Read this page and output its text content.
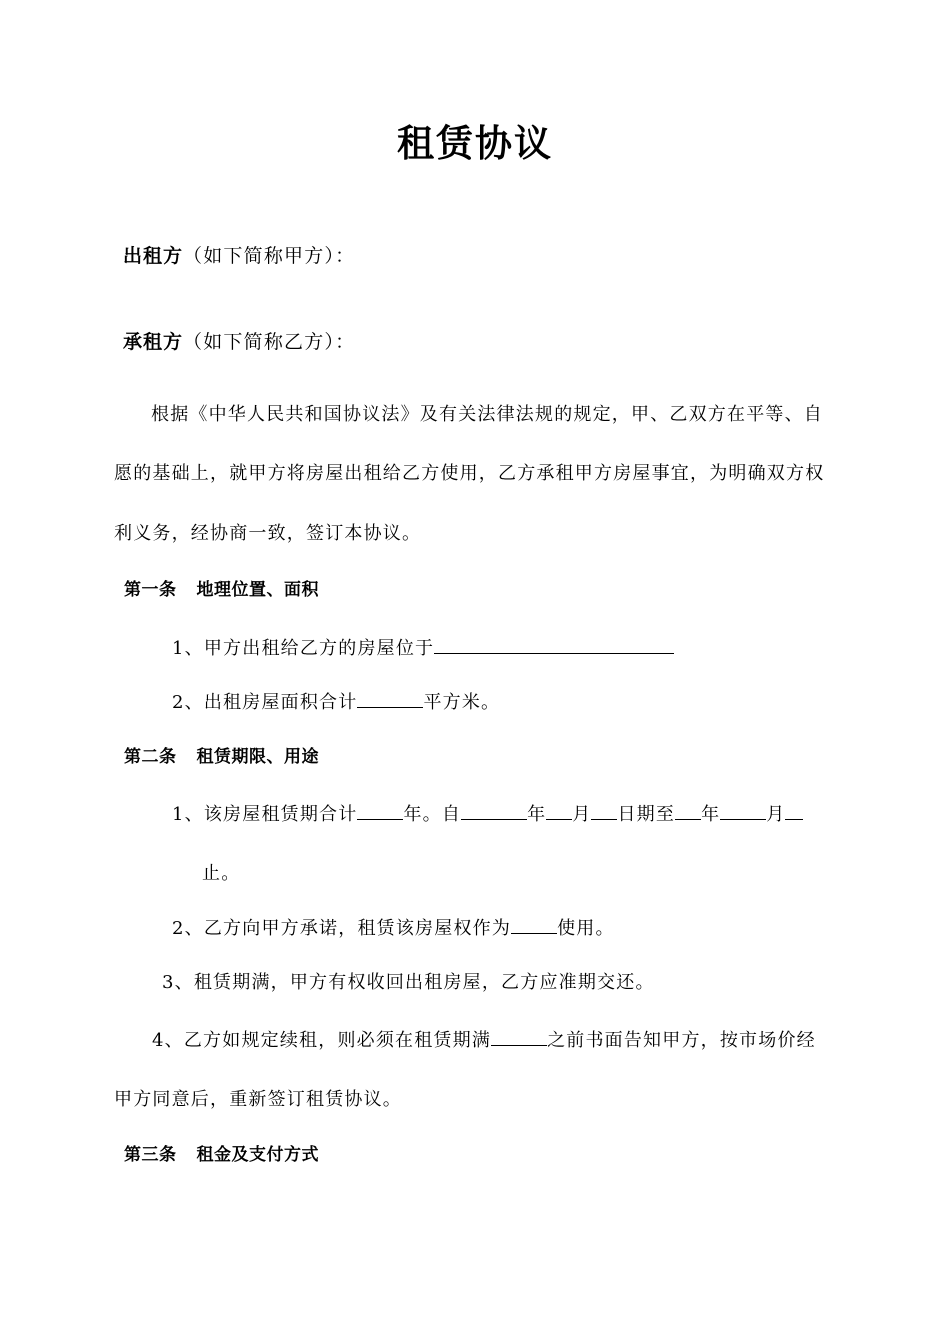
租赁协议
出租方（如下简称甲方）：
承租方（如下简称乙方）：
根据《中华人民共和国协议法》及有关法律法规的规定，甲、乙双方在平等、自
愿的基础上，就甲方将房屋出租给乙方使用，乙方承租甲方房屋事宜，为明确双方权
利义务，经协商一致，签订本协议。
第一条 地理位置、面积
1、甲方出租给乙方的房屋位于
2、出租房屋面积合计	平方米。
第二条 租赁期限、用途
1、该房屋租赁期合计	年。自	年 月 日期至 年	月
止。
2、乙方向甲方承诺，租赁该房屋权作为	使用。
3、租赁期满，甲方有权收回出租房屋，乙方应准期交还。
4、乙方如规定续租，则必须在租赁期满	之前书面告知甲方，按市场价经
甲方同意后，重新签订租赁协议。
第三条 租金及支付方式
